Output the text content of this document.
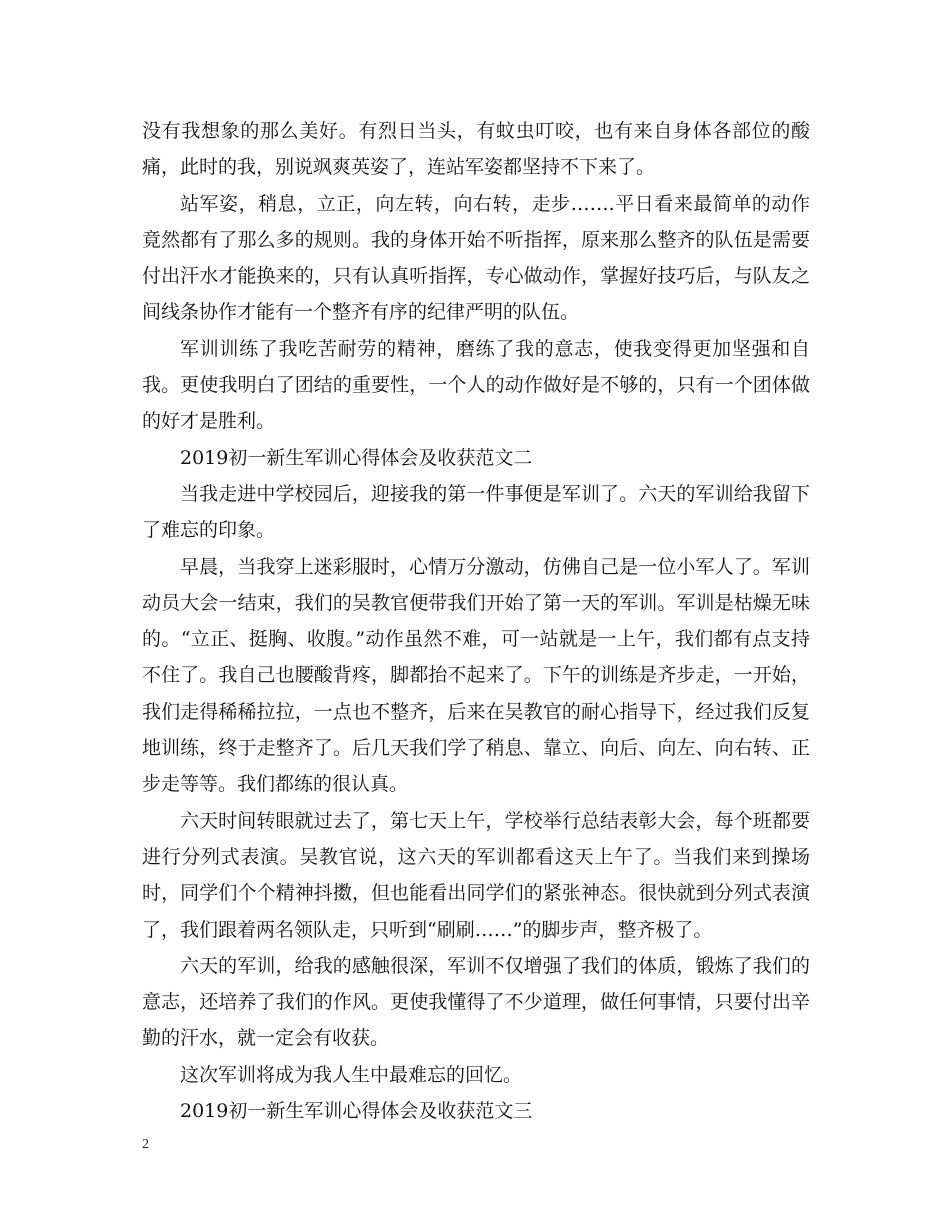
没有我想象的那么美好。有烈日当头，有蚊虫叮咬，也有来自身体各部位的酸痛，此时的我，别说飒爽英姿了，连站军姿都坚持不下来了。

站军姿，稍息，立正，向左转，向右转，走步…….平日看来最简单的动作竟然都有了那么多的规则。我的身体开始不听指挥，原来那么整齐的队伍是需要付出汗水才能换来的，只有认真听指挥，专心做动作，掌握好技巧后，与队友之间线条协作才能有一个整齐有序的纪律严明的队伍。

军训训练了我吃苦耐劳的精神，磨练了我的意志，使我变得更加坚强和自我。更使我明白了团结的重要性，一个人的动作做好是不够的，只有一个团体做的好才是胜利。

2019初一新生军训心得体会及收获范文二

当我走进中学校园后，迎接我的第一件事便是军训了。六天的军训给我留下了难忘的印象。

早晨，当我穿上迷彩服时，心情万分激动，仿佛自己是一位小军人了。军训动员大会一结束，我们的吴教官便带我们开始了第一天的军训。军训是枯燥无味的。“立正、挺胸、收腹。”动作虽然不难，可一站就是一上午，我们都有点支持不住了。我自己也腰酸背疼，脚都抬不起来了。下午的训练是齐步走，一开始，我们走得稀稀拉拉，一点也不整齐，后来在吴教官的耐心指导下，经过我们反复地训练，终于走整齐了。后几天我们学了稍息、靠立、向后、向左、向右转、正步走等等。我们都练的很认真。

六天时间转眼就过去了，第七天上午，学校举行总结表彰大会，每个班都要进行分列式表演。吴教官说，这六天的军训都看这天上午了。当我们来到操场时，同学们个个精神抖擞，但也能看出同学们的紧张神态。很快就到分列式表演了，我们跟着两名领队走，只听到“刷刷……”的脚步声，整齐极了。

六天的军训，给我的感触很深，军训不仅增强了我们的体质，锻炼了我们的意志，还培养了我们的作风。更使我懂得了不少道理，做任何事情，只要付出辛勤的汗水，就一定会有收获。

这次军训将成为我人生中最难忘的回忆。

2019初一新生军训心得体会及收获范文三

2
